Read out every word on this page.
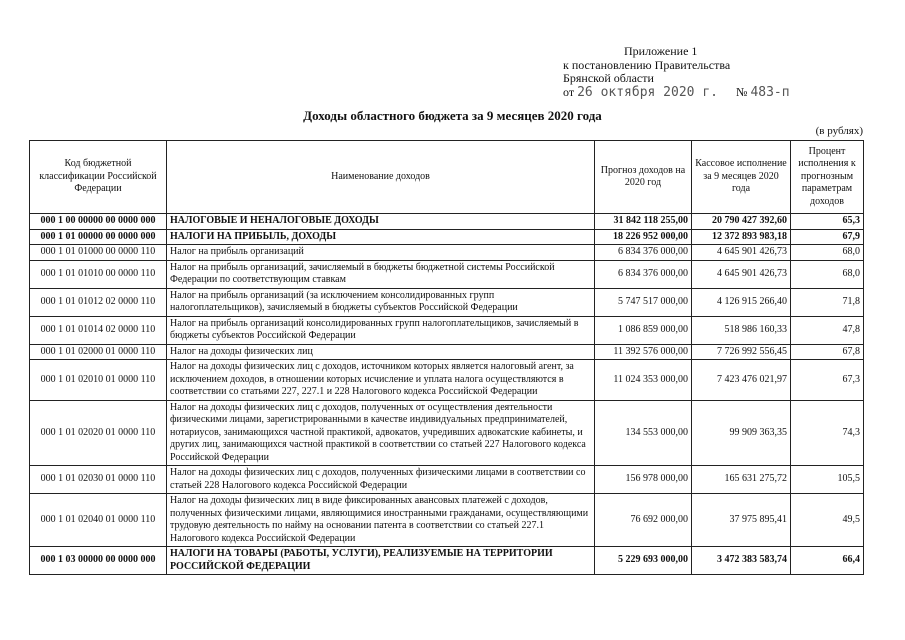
Приложение 1
к постановлению Правительства
Брянской области
от 26 октября 2020 г. № 483-п
Доходы областного бюджета за 9 месяцев 2020 года
(в рублях)
Код бюджетной классификации Российской Федерации	Наименование доходов	Прогноз доходов на 2020 год	Кассовое исполнение за 9 месяцев 2020 года	Процент исполнения к прогнозным параметрам доходов
000 1 00 00000 00 0000 000	НАЛОГОВЫЕ И НЕНАЛОГОВЫЕ ДОХОДЫ	31 842 118 255,00	20 790 427 392,60	65,3
000 1 01 00000 00 0000 000	НАЛОГИ НА ПРИБЫЛЬ, ДОХОДЫ	18 226 952 000,00	12 372 893 983,18	67,9
000 1 01 01000 00 0000 110	Налог на прибыль организаций	6 834 376 000,00	4 645 901 426,73	68,0
000 1 01 01010 00 0000 110	Налог на прибыль организаций, зачисляемый в бюджеты бюджетной системы Российской Федерации по соответствующим ставкам	6 834 376 000,00	4 645 901 426,73	68,0
000 1 01 01012 02 0000 110	Налог на прибыль организаций (за исключением консолидированных групп налогоплательщиков), зачисляемый в бюджеты субъектов Российской Федерации	5 747 517 000,00	4 126 915 266,40	71,8
000 1 01 01014 02 0000 110	Налог на прибыль организаций консолидированных групп налогоплательщиков, зачисляемый в бюджеты субъектов Российской Федерации	1 086 859 000,00	518 986 160,33	47,8
000 1 01 02000 01 0000 110	Налог на доходы физических лиц	11 392 576 000,00	7 726 992 556,45	67,8
000 1 01 02010 01 0000 110	Налог на доходы физических лиц с доходов, источником которых является налоговый агент, за исключением доходов, в отношении которых исчисление и уплата налога осуществляются в соответствии со статьями 227, 227.1 и 228 Налогового кодекса Российской Федерации	11 024 353 000,00	7 423 476 021,97	67,3
000 1 01 02020 01 0000 110	Налог на доходы физических лиц с доходов, полученных от осуществления деятельности физическими лицами, зарегистрированными в качестве индивидуальных предпринимателей, нотариусов, занимающихся частной практикой, адвокатов, учредивших адвокатские кабинеты, и других лиц, занимающихся частной практикой в соответствии со статьей 227 Налогового кодекса Российской Федерации	134 553 000,00	99 909 363,35	74,3
000 1 01 02030 01 0000 110	Налог на доходы физических лиц с доходов, полученных физическими лицами в соответствии со статьей 228 Налогового кодекса Российской Федерации	156 978 000,00	165 631 275,72	105,5
000 1 01 02040 01 0000 110	Налог на доходы физических лиц в виде фиксированных авансовых платежей с доходов, полученных физическими лицами, являющимися иностранными гражданами, осуществляющими трудовую деятельность по найму на основании патента в соответствии со статьей 227.1 Налогового кодекса Российской Федерации	76 692 000,00	37 975 895,41	49,5
000 1 03 00000 00 0000 000	НАЛОГИ НА ТОВАРЫ (РАБОТЫ, УСЛУГИ), РЕАЛИЗУЕМЫЕ НА ТЕРРИТОРИИ РОССИЙСКОЙ ФЕДЕРАЦИИ	5 229 693 000,00	3 472 383 583,74	66,4
